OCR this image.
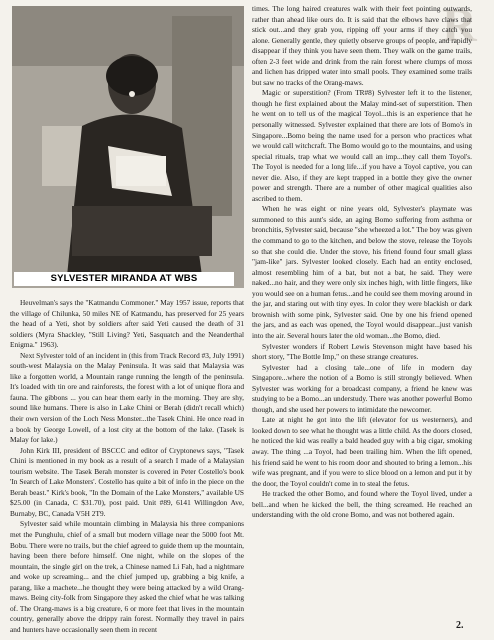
R
SYLVESTER MIRANDA AT WBS

Heuvelman's says the "Katmandu Commoner." May 1957 issue, reports that the village of Chilunka, 50 miles NE of Katmandu, has preserved for 25 years the head of a Yeti, shot by soldiers after said Yeti caused the death of 31 soldiers (Myra Shackley, "Still Living? Yeti, Sasquatch and the Neanderthal Enigma." 1963).

Next Sylvester told of an incident in (this from Track Record #3, July 1991) south-west Malaysia on the Malay Peninsula. It was said that Malaysia was like a forgotten world, a Mountain range running the length of the peninsula. It's loaded with tin ore and rainforests, the forest with a lot of unique flora and fauna. The gibbons ... you can hear them early in the morning. They are shy, sound like humans. There is also in Lake Chini or Berah (didn't recall which) their own version of the Loch Ness Monster...the Tasek Chini. He once read in a book by George Lowell, of a lost city at the bottom of the lake. (Tasek is Malay for lake.)

John Kirk III, president of BSCCC and editor of Cryptonews says, "Tasek Chini is mentioned in my book as a result of a search I made of a Malaysian tourism website. The Tasek Berah monster is covered in Peter Costello's book 'In Search of Lake Monsters'. Costello has quite a bit of info in the piece on the Berah beast." Kirk's book, "In the Domain of the Lake Monsters," available US $25.00 (in Canada, C $31.70), post paid. Unit #89, 6141 Willingdon Ave, Burnaby, BC, Canada V5H 2T9.

Sylvester said while mountain climbing in Malaysia his three companions met the Punghulu, chief of a small but modern village near the 5000 foot Mt. Bobu. There were no trails, but the chief agreed to guide them up the mountain, having been there before himself. One night, while on the slopes of the mountain, the single girl on the trek, a Chinese named Li Fah, had a nightmare and woke up screaming... and the chief jumped up, grabbing a big knife, a parang, like a machete...he thought they were being attacked by a wild Orang-maws. Being city-folk from Singapore they asked the chief what he was talking of. The Orang-maws is a big creature, 6 or more feet that lives in the mountain country, generally above the drippy rain forest. Normally they travel in pairs and hunters have occasionally seen them in recent

times. The long haired creatures walk with their feet pointing outwards, rather than ahead like ours do. It is said that the elbows have claws that stick out...and they grab you, ripping off your arms if they catch you alone. Generally gentle, they quietly observe groups of people, and rapidly disappear if they think you have seen them. They walk on the game trails, often 2-3 feet wide and drink from the rain forest where clumps of moss and lichen has dripped water into small pools. They examined some trails but saw no tracks of the Orang-maws.

Magic or superstition? (From TR#8) Sylvester left it to the listener, though he first explained about the Malay mind-set of superstition. Then he went on to tell us of the magical Toyol...this is an experience that he personally witnessed. Sylvester explained that there are lots of Bomo's in Singapore...Bomo being the name used for a person who practices what we would call witchcraft. The Bomo would go to the mountains, and using special rituals, trap what we would call an imp...they call them Toyol's. The Toyol is needed for a long life...if you have a Toyol captive, you can never die. Also, if they are kept trapped in a bottle they give the owner power and strength. There are a number of other magical qualities also ascribed to them.

When he was eight or nine years old, Sylvester's playmate was summoned to this aunt's side, an aging Bomo suffering from asthma or bronchitis, Sylvester said, because "she wheezed a lot." The boy was given the command to go to the kitchen, and below the stove, release the Toyols so that she could die. Under the stove, his friend found four small glass "jam-like" jars. Sylvester looked closely. Each had an entity enclosed, almost resembling him of a bat, but not a bat, he said. They were naked...no hair, and they were only six inches high, with little fingers, like you would see on a human fetus...and he could see them moving around in the jar, and staring out with tiny eyes. In color they were blackish or dark brownish with some pink, Sylvester said. One by one his friend opened the jars, and as each was opened, the Toyol would disappear...just vanish into the air. Several hours later the old woman...the Bomo, died.

Sylvester wonders if Robert Lewis Stevenson might have based his short story, "The Bottle Imp," on these strange creatures.

Sylvester had a closing tale...one of life in modern day Singapore...where the notion of a Bomo is still strongly believed. When Sylvester was working for a broadcast company, a friend he knew was studying to be a Bomo...an understudy. There was another powerful Bomo though, and she used her powers to intimidate the newcomer.

Late at night he got into the lift (elevator for us westerners), and looked down to see what he thought was a little child. As the doors closed, he noticed the kid was really a bald headed guy with a big cigar, smoking away. The thing ...a Toyol, had been trailing him. When the lift opened, his friend said he went to his room door and shouted to bring a lemon...his wife was pregnant, and if you were to slice blood on a lemon and put it by the door, the Toyol couldn't come in to steal the fetus.

He tracked the other Bomo, and found where the Toyol lived, under a bell...and when he kicked the bell, the thing screamed. He reached an understanding with the old crone Bomo, and was not bothered again.

2.
